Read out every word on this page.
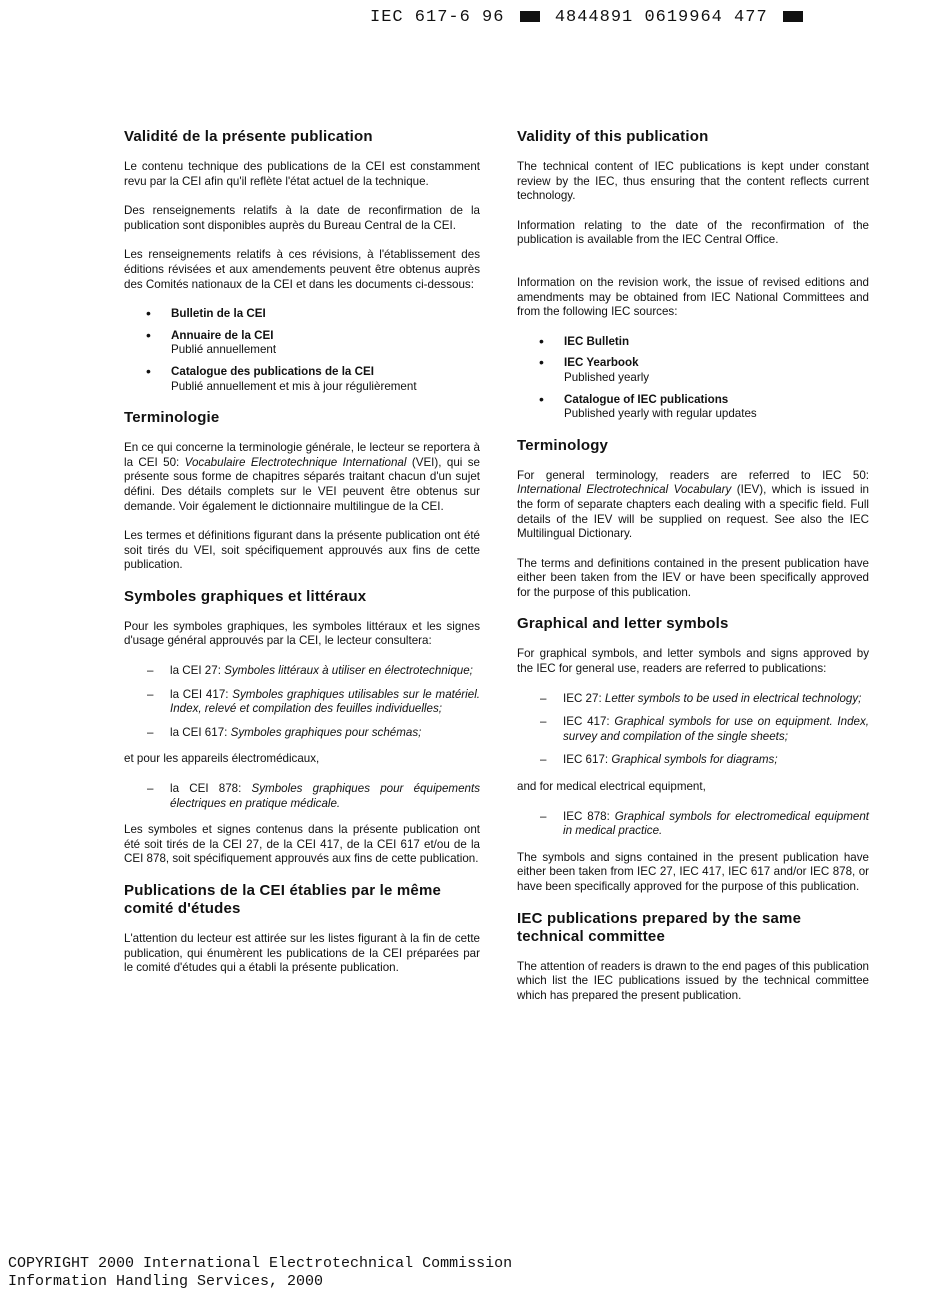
IEC 617-6 96	4844891 0619964 477
Validité de la présente publication

Le contenu technique des publications de la CEI est constamment revu par la CEI afin qu'il reflète l'état actuel de la technique.

Des renseignements relatifs à la date de reconfirmation de la publication sont disponibles auprès du Bureau Central de la CEI.

Les renseignements relatifs à ces révisions, à l'établissement des éditions révisées et aux amendements peuvent être obtenus auprès des Comités nationaux de la CEI et dans les documents ci-dessous:

• Bulletin de la CEI
• Annuaire de la CEI
Publié annuellement
• Catalogue des publications de la CEI
Publié annuellement et mis à jour régulièrement
Terminologie

En ce qui concerne la terminologie générale, le lecteur se reportera à la CEI 50: Vocabulaire Electrotechnique International (VEI), qui se présente sous forme de chapitres séparés traitant chacun d'un sujet défini. Des détails complets sur le VEI peuvent être obtenus sur demande. Voir également le dictionnaire multilingue de la CEI.

Les termes et définitions figurant dans la présente publication ont été soit tirés du VEI, soit spécifiquement approuvés aux fins de cette publication.

Symboles graphiques et littéraux

Pour les symboles graphiques, les symboles littéraux et les signes d'usage général approuvés par la CEI, le lecteur consultera:

– la CEI 27: Symboles littéraux à utiliser en électrotechnique;
– la CEI 417: Symboles graphiques utilisables sur le matériel. Index, relevé et compilation des feuilles individuelles;
– la CEI 617: Symboles graphiques pour schémas;

et pour les appareils électromédicaux,

– la CEI 878: Symboles graphiques pour équipements électriques en pratique médicale.

Les symboles et signes contenus dans la présente publication ont été soit tirés de la CEI 27, de la CEI 417, de la CEI 617 et/ou de la CEI 878, soit spécifiquement approuvés aux fins de cette publication.

Publications de la CEI établies par le même comité d'études

L'attention du lecteur est attirée sur les listes figurant à la fin de cette publication, qui énumèrent les publications de la CEI préparées par le comité d'études qui a établi la présente publication.

Validity of this publication

The technical content of IEC publications is kept under constant review by the IEC, thus ensuring that the content reflects current technology.

Information relating to the date of the reconfirmation of the publication is available from the IEC Central Office.

Information on the revision work, the issue of revised editions and amendments may be obtained from IEC National Committees and from the following IEC sources:

• IEC Bulletin
• IEC Yearbook
Published yearly
• Catalogue of IEC publications
Published yearly with regular updates
Terminology

For general terminology, readers are referred to IEC 50: International Electrotechnical Vocabulary (IEV), which is issued in the form of separate chapters each dealing with a specific field. Full details of the IEV will be supplied on request. See also the IEC Multilingual Dictionary.

The terms and definitions contained in the present publication have either been taken from the IEV or have been specifically approved for the purpose of this publication.

Graphical and letter symbols

For graphical symbols, and letter symbols and signs approved by the IEC for general use, readers are referred to publications:

– IEC 27: Letter symbols to be used in electrical technology;
– IEC 417: Graphical symbols for use on equipment. Index, survey and compilation of the single sheets;
– IEC 617: Graphical symbols for diagrams;

and for medical electrical equipment,

– IEC 878: Graphical symbols for electromedical equipment in medical practice.

The symbols and signs contained in the present publication have either been taken from IEC 27, IEC 417, IEC 617 and/or IEC 878, or have been specifically approved for the purpose of this publication.

IEC publications prepared by the same technical committee

The attention of readers is drawn to the end pages of this publication which list the IEC publications issued by the technical committee which has prepared the present publication.

COPYRIGHT 2000 International Electrotechnical Commission
Information Handling Services, 2000
